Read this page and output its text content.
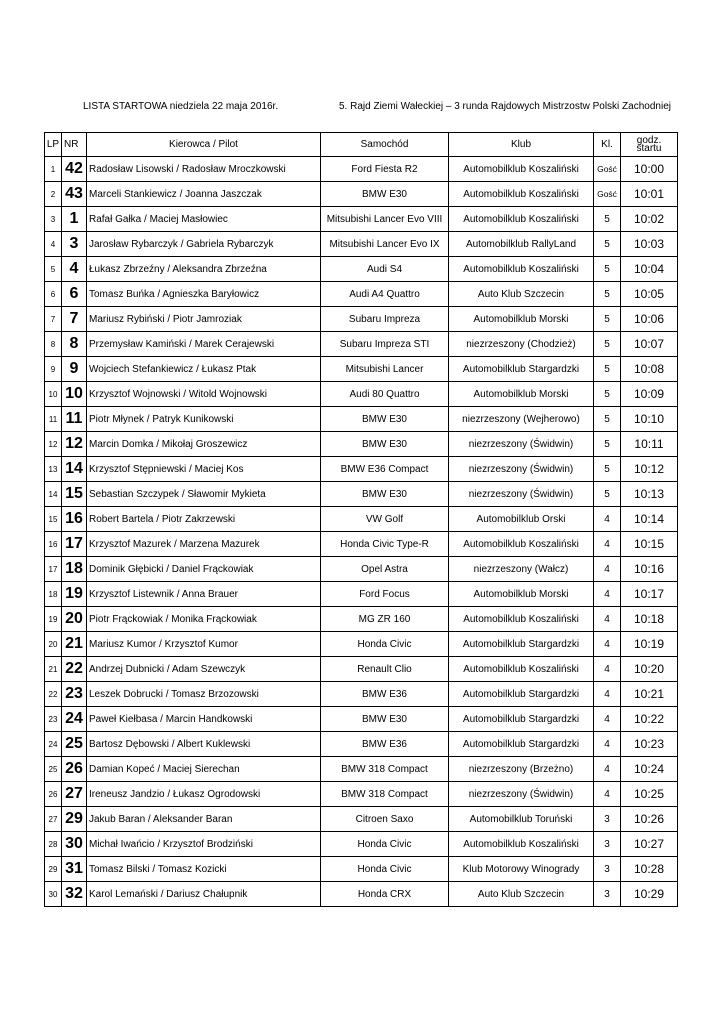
LISTA STARTOWA niedziela 22 maja 2016r.	5. Rajd Ziemi Wałeckiej – 3 runda Rajdowych Mistrzostw Polski Zachodniej
LP	NR	Kierowca / Pilot	Samochód	Klub	Kl.	godz.
startu
1	42	Radosław Lisowski / Radosław Mroczkowski	Ford Fiesta R2	Automobilklub Koszaliński	Gość	10:00
2	43	Marceli Stankiewicz / Joanna Jaszczak	BMW E30	Automobilklub Koszaliński	Gość	10:01
3	1	Rafał Gałka / Maciej Masłowiec	Mitsubishi Lancer Evo VIII	Automobilklub Koszaliński	5	10:02
4	3	Jarosław Rybarczyk / Gabriela Rybarczyk	Mitsubishi Lancer Evo IX	Automobilklub RallyLand	5	10:03
5	4	Łukasz Zbrzeźny / Aleksandra Zbrzeźna	Audi S4	Automobilklub Koszaliński	5	10:04
6	6	Tomasz Buńka / Agnieszka Baryłowicz	Audi A4 Quattro	Auto Klub Szczecin	5	10:05
7	7	Mariusz Rybiński / Piotr Jamroziak	Subaru Impreza	Automobilklub Morski	5	10:06
8	8	Przemysław Kamiński / Marek Cerajewski	Subaru Impreza STI	niezrzeszony (Chodzież)	5	10:07
9	9	Wojciech Stefankiewicz / Łukasz Ptak	Mitsubishi Lancer	Automobilklub Stargardzki	5	10:08
10	10	Krzysztof Wojnowski / Witold Wojnowski	Audi 80 Quattro	Automobilklub Morski	5	10:09
11	11	Piotr Młynek / Patryk Kunikowski	BMW E30	niezrzeszony (Wejherowo)	5	10:10
12	12	Marcin Domka / Mikołaj Groszewicz	BMW E30	niezrzeszony (Świdwin)	5	10:11
13	14	Krzysztof Stępniewski / Maciej Kos	BMW E36 Compact	niezrzeszony (Świdwin)	5	10:12
14	15	Sebastian Szczypek / Sławomir Mykieta	BMW E30	niezrzeszony (Świdwin)	5	10:13
15	16	Robert Bartela / Piotr Zakrzewski	VW Golf	Automobilklub Orski	4	10:14
16	17	Krzysztof Mazurek / Marzena Mazurek	Honda Civic Type-R	Automobilklub Koszaliński	4	10:15
17	18	Dominik Głębicki / Daniel Frąckowiak	Opel Astra	niezrzeszony (Wałcz)	4	10:16
18	19	Krzysztof Listewnik / Anna Brauer	Ford Focus	Automobilklub Morski	4	10:17
19	20	Piotr Frąckowiak / Monika Frąckowiak	MG ZR 160	Automobilklub Koszaliński	4	10:18
20	21	Mariusz Kumor / Krzysztof Kumor	Honda Civic	Automobilklub Stargardzki	4	10:19
21	22	Andrzej Dubnicki / Adam Szewczyk	Renault Clio	Automobilklub Koszaliński	4	10:20
22	23	Leszek Dobrucki / Tomasz Brzozowski	BMW E36	Automobilklub Stargardzki	4	10:21
23	24	Paweł Kiełbasa / Marcin Handkowski	BMW E30	Automobilklub Stargardzki	4	10:22
24	25	Bartosz Dębowski / Albert Kuklewski	BMW E36	Automobilklub Stargardzki	4	10:23
25	26	Damian Kopeć / Maciej Sierechan	BMW 318 Compact	niezrzeszony (Brzeżno)	4	10:24
26	27	Ireneusz Jandzio / Łukasz Ogrodowski	BMW 318 Compact	niezrzeszony (Świdwin)	4	10:25
27	29	Jakub Baran / Aleksander Baran	Citroen Saxo	Automobilklub Toruński	3	10:26
28	30	Michał Iwańcio / Krzysztof Brodziński	Honda Civic	Automobilklub Koszaliński	3	10:27
29	31	Tomasz Bilski / Tomasz Kozicki	Honda Civic	Klub Motorowy Winogrady	3	10:28
30	32	Karol Lemański / Dariusz Chałupnik	Honda CRX	Auto Klub Szczecin	3	10:29
